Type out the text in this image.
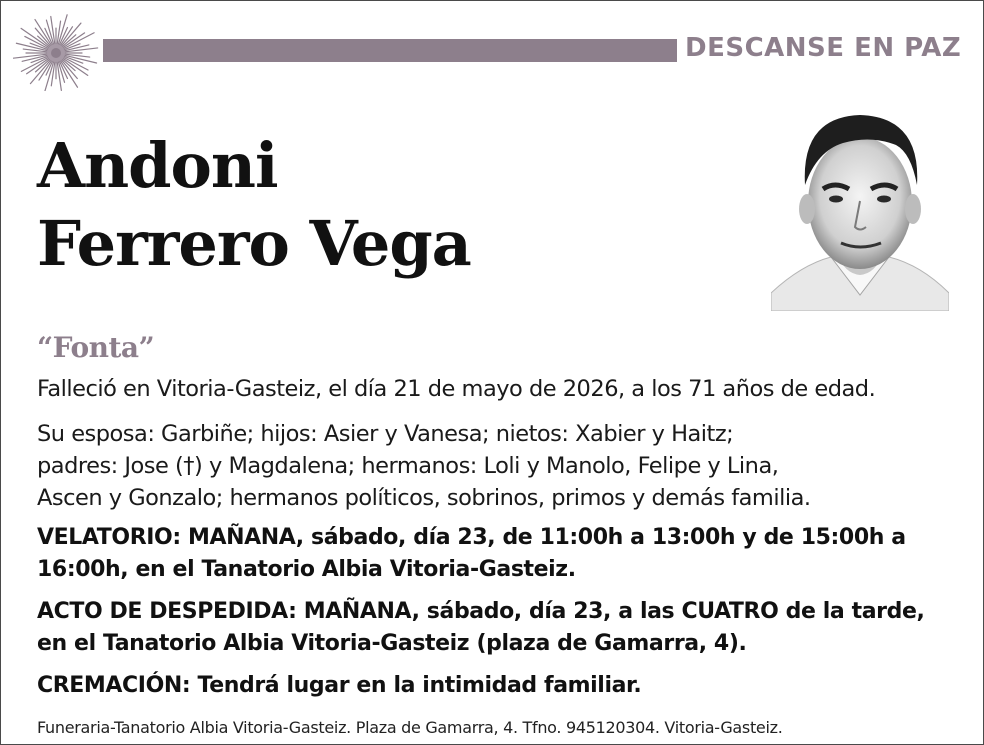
DESCANSE EN PAZ
Andoni
Ferrero Vega
“Fonta”
Falleció en Vitoria-Gasteiz, el día 21 de mayo de 2026, a los 71 años de edad.
Su esposa: Garbiñe; hijos: Asier y Vanesa; nietos: Xabier y Haitz;
padres: Jose (†) y Magdalena; hermanos: Loli y Manolo, Felipe y Lina,
Ascen y Gonzalo; hermanos políticos, sobrinos, primos y demás familia.
VELATORIO: MAÑANA, sábado, día 23, de 11:00h a 13:00h y de 15:00h a 16:00h, en el Tanatorio Albia Vitoria-Gasteiz.
ACTO DE DESPEDIDA: MAÑANA, sábado, día 23, a las CUATRO de la tarde, en el Tanatorio Albia Vitoria-Gasteiz (plaza de Gamarra, 4).
CREMACIÓN: Tendrá lugar en la intimidad familiar.
Funeraria-Tanatorio Albia Vitoria-Gasteiz. Plaza de Gamarra, 4. Tfno. 945120304. Vitoria-Gasteiz.
